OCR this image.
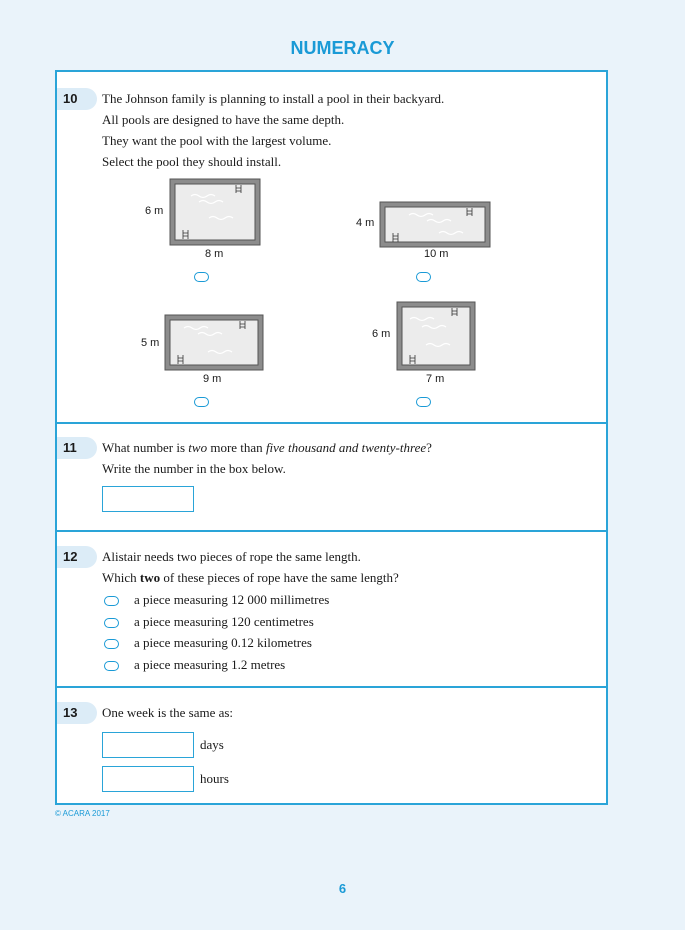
NUMERACY
10	The Johnson family is planning to install a pool in their backyard.
All pools are designed to have the same depth.
They want the pool with the largest volume.
Select the pool they should install.
6 m
8 m
4 m
10 m
5 m
9 m
6 m
7 m
11	What number is two more than five thousand and twenty-three?
Write the number in the box below.
12	Alistair needs two pieces of rope the same length.
Which two of these pieces of rope have the same length?
a piece measuring 12 000 millimetres
a piece measuring 120 centimetres
a piece measuring 0.12 kilometres
a piece measuring 1.2 metres
13	One week is the same as:
days
hours
© ACARA 2017
6
